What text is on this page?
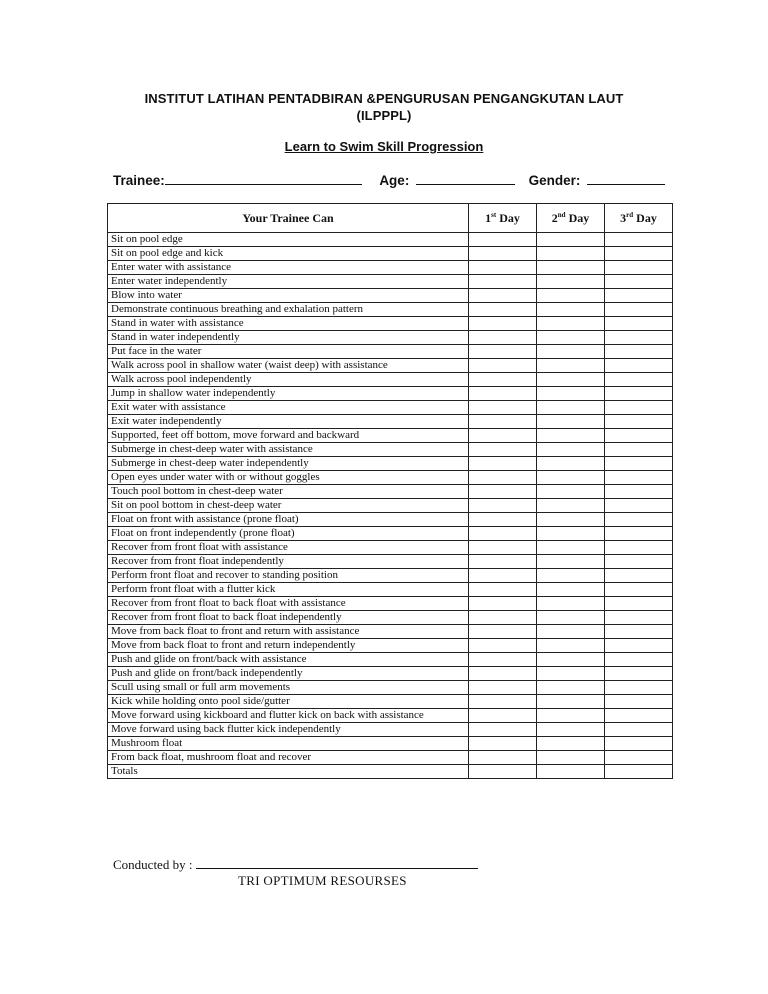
INSTITUT LATIHAN PENTADBIRAN &PENGURUSAN PENGANGKUTAN LAUT
(ILPPPL)
Learn to Swim Skill Progression
Trainee:	Age:	Gender:
Your Trainee Can	1st Day	2nd Day	3rd Day
Sit on pool edge			
Sit on pool edge and kick			
Enter water with assistance			
Enter water independently			
Blow into water			
Demonstrate continuous breathing and exhalation pattern			
Stand in water with assistance			
Stand in water independently			
Put face in the water			
Walk across pool in shallow water (waist deep) with assistance			
Walk across pool independently			
Jump in shallow water independently			
Exit water with assistance			
Exit water independently			
Supported, feet off bottom, move forward and backward			
Submerge in chest-deep water with assistance			
Submerge in chest-deep water independently			
Open eyes under water with or without goggles			
Touch pool bottom in chest-deep water			
Sit on pool bottom in chest-deep water			
Float on front with assistance (prone float)			
Float on front independently (prone float)			
Recover from front float with assistance			
Recover from front float independently			
Perform front float and recover to standing position			
Perform front float with a flutter kick			
Recover from front float to back float with assistance			
Recover from front float to back float independently			
Move from back float to front and return with assistance			
Move from back float to front and return independently			
Push and glide on front/back with assistance			
Push and glide on front/back independently			
Scull using small or full arm movements			
Kick while holding onto pool side/gutter			
Move forward using kickboard and flutter kick on back with assistance			
Move forward using back flutter kick independently			
Mushroom float			
From back float, mushroom float and recover			
Totals			
Conducted by :
TRI OPTIMUM RESOURSES
